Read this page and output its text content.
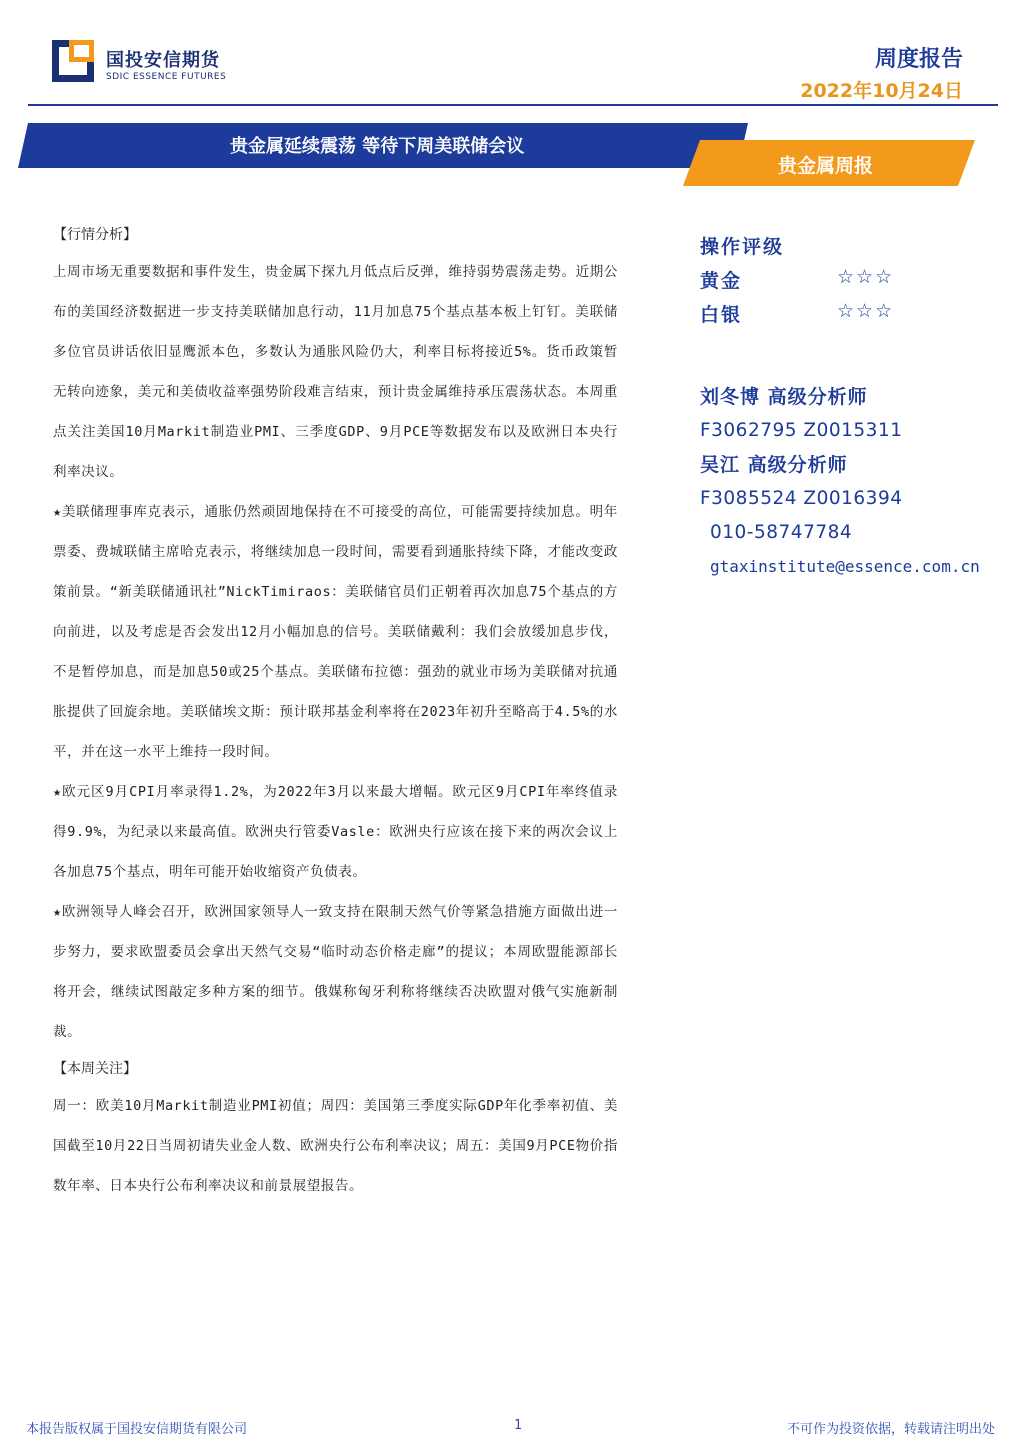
国投安信期货
SDIC ESSENCE FUTURES
周度报告
2022年10月24日
贵金属延续震荡 等待下周美联储会议
贵金属周报
【行情分析】

上周市场无重要数据和事件发生，贵金属下探九月低点后反弹，维持弱势震荡走势。近期公布的美国经济数据进一步支持美联储加息行动，11月加息75个基点基本板上钉钉。美联储多位官员讲话依旧显鹰派本色，多数认为通胀风险仍大，利率目标将接近5%。货币政策暂无转向迹象，美元和美债收益率强势阶段难言结束，预计贵金属维持承压震荡状态。本周重点关注美国10月Markit制造业PMI、三季度GDP、9月PCE等数据发布以及欧洲日本央行利率决议。

★美联储理事库克表示，通胀仍然顽固地保持在不可接受的高位，可能需要持续加息。明年票委、费城联储主席哈克表示，将继续加息一段时间，需要看到通胀持续下降，才能改变政策前景。“新美联储通讯社”NickTimiraos：美联储官员们正朝着再次加息75个基点的方向前进，以及考虑是否会发出12月小幅加息的信号。美联储戴利：我们会放缓加息步伐，不是暂停加息，而是加息50或25个基点。美联储布拉德：强劲的就业市场为美联储对抗通胀提供了回旋余地。美联储埃文斯：预计联邦基金利率将在2023年初升至略高于4.5%的水平，并在这一水平上维持一段时间。

★欧元区9月CPI月率录得1.2%，为2022年3月以来最大增幅。欧元区9月CPI年率终值录得9.9%，为纪录以来最高值。欧洲央行管委Vasle：欧洲央行应该在接下来的两次会议上各加息75个基点，明年可能开始收缩资产负债表。

★欧洲领导人峰会召开，欧洲国家领导人一致支持在限制天然气价等紧急措施方面做出进一步努力，要求欧盟委员会拿出天然气交易“临时动态价格走廊”的提议；本周欧盟能源部长将开会，继续试图敲定多种方案的细节。俄媒称匈牙利称将继续否决欧盟对俄气实施新制裁。

【本周关注】

周一：欧美10月Markit制造业PMI初值；周四：美国第三季度实际GDP年化季率初值、美国截至10月22日当周初请失业金人数、欧洲央行公布利率决议；周五：美国9月PCE物价指数年率、日本央行公布利率决议和前景展望报告。

操作评级
黄金	☆☆☆
白银	☆☆☆
刘冬博 高级分析师
F3062795 Z0015311
吴江 高级分析师
F3085524 Z0016394
010-58747784
gtaxinstitute@essence.com.cn
本报告版权属于国投安信期货有限公司	1	不可作为投资依据，转载请注明出处
